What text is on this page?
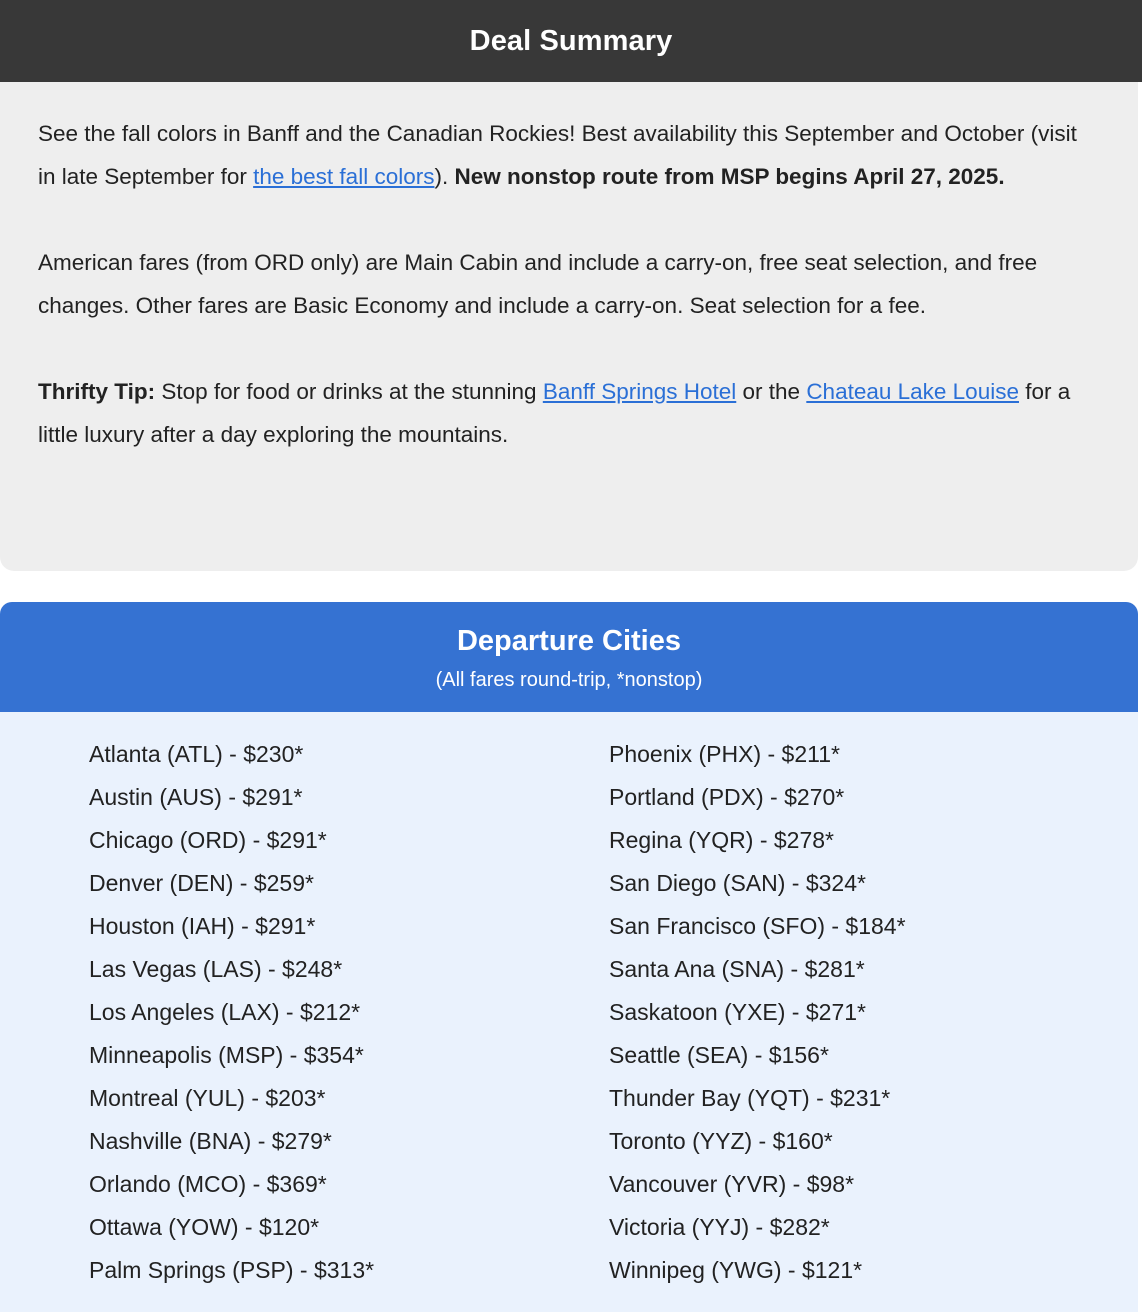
Deal Summary

See the fall colors in Banff and the Canadian Rockies! Best availability this September and October (visit in late September for the best fall colors). New nonstop route from MSP begins April 27, 2025.

American fares (from ORD only) are Main Cabin and include a carry-on, free seat selection, and free changes. Other fares are Basic Economy and include a carry-on. Seat selection for a fee.

Thrifty Tip: Stop for food or drinks at the stunning Banff Springs Hotel or the Chateau Lake Louise for a little luxury after a day exploring the mountains.

Departure Cities
(All fares round-trip, *nonstop)
Atlanta (ATL) - $230*
Austin (AUS) - $291*
Chicago (ORD) - $291*
Denver (DEN) - $259*
Houston (IAH) - $291*
Las Vegas (LAS) - $248*
Los Angeles (LAX) - $212*
Minneapolis (MSP) - $354*
Montreal (YUL) - $203*
Nashville (BNA) - $279*
Orlando (MCO) - $369*
Ottawa (YOW) - $120*
Palm Springs (PSP) - $313*
Phoenix (PHX) - $211*
Portland (PDX) - $270*
Regina (YQR) - $278*
San Diego (SAN) - $324*
San Francisco (SFO) - $184*
Santa Ana (SNA) - $281*
Saskatoon (YXE) - $271*
Seattle (SEA) - $156*
Thunder Bay (YQT) - $231*
Toronto (YYZ) - $160*
Vancouver (YVR) - $98*
Victoria (YYJ) - $282*
Winnipeg (YWG) - $121*
